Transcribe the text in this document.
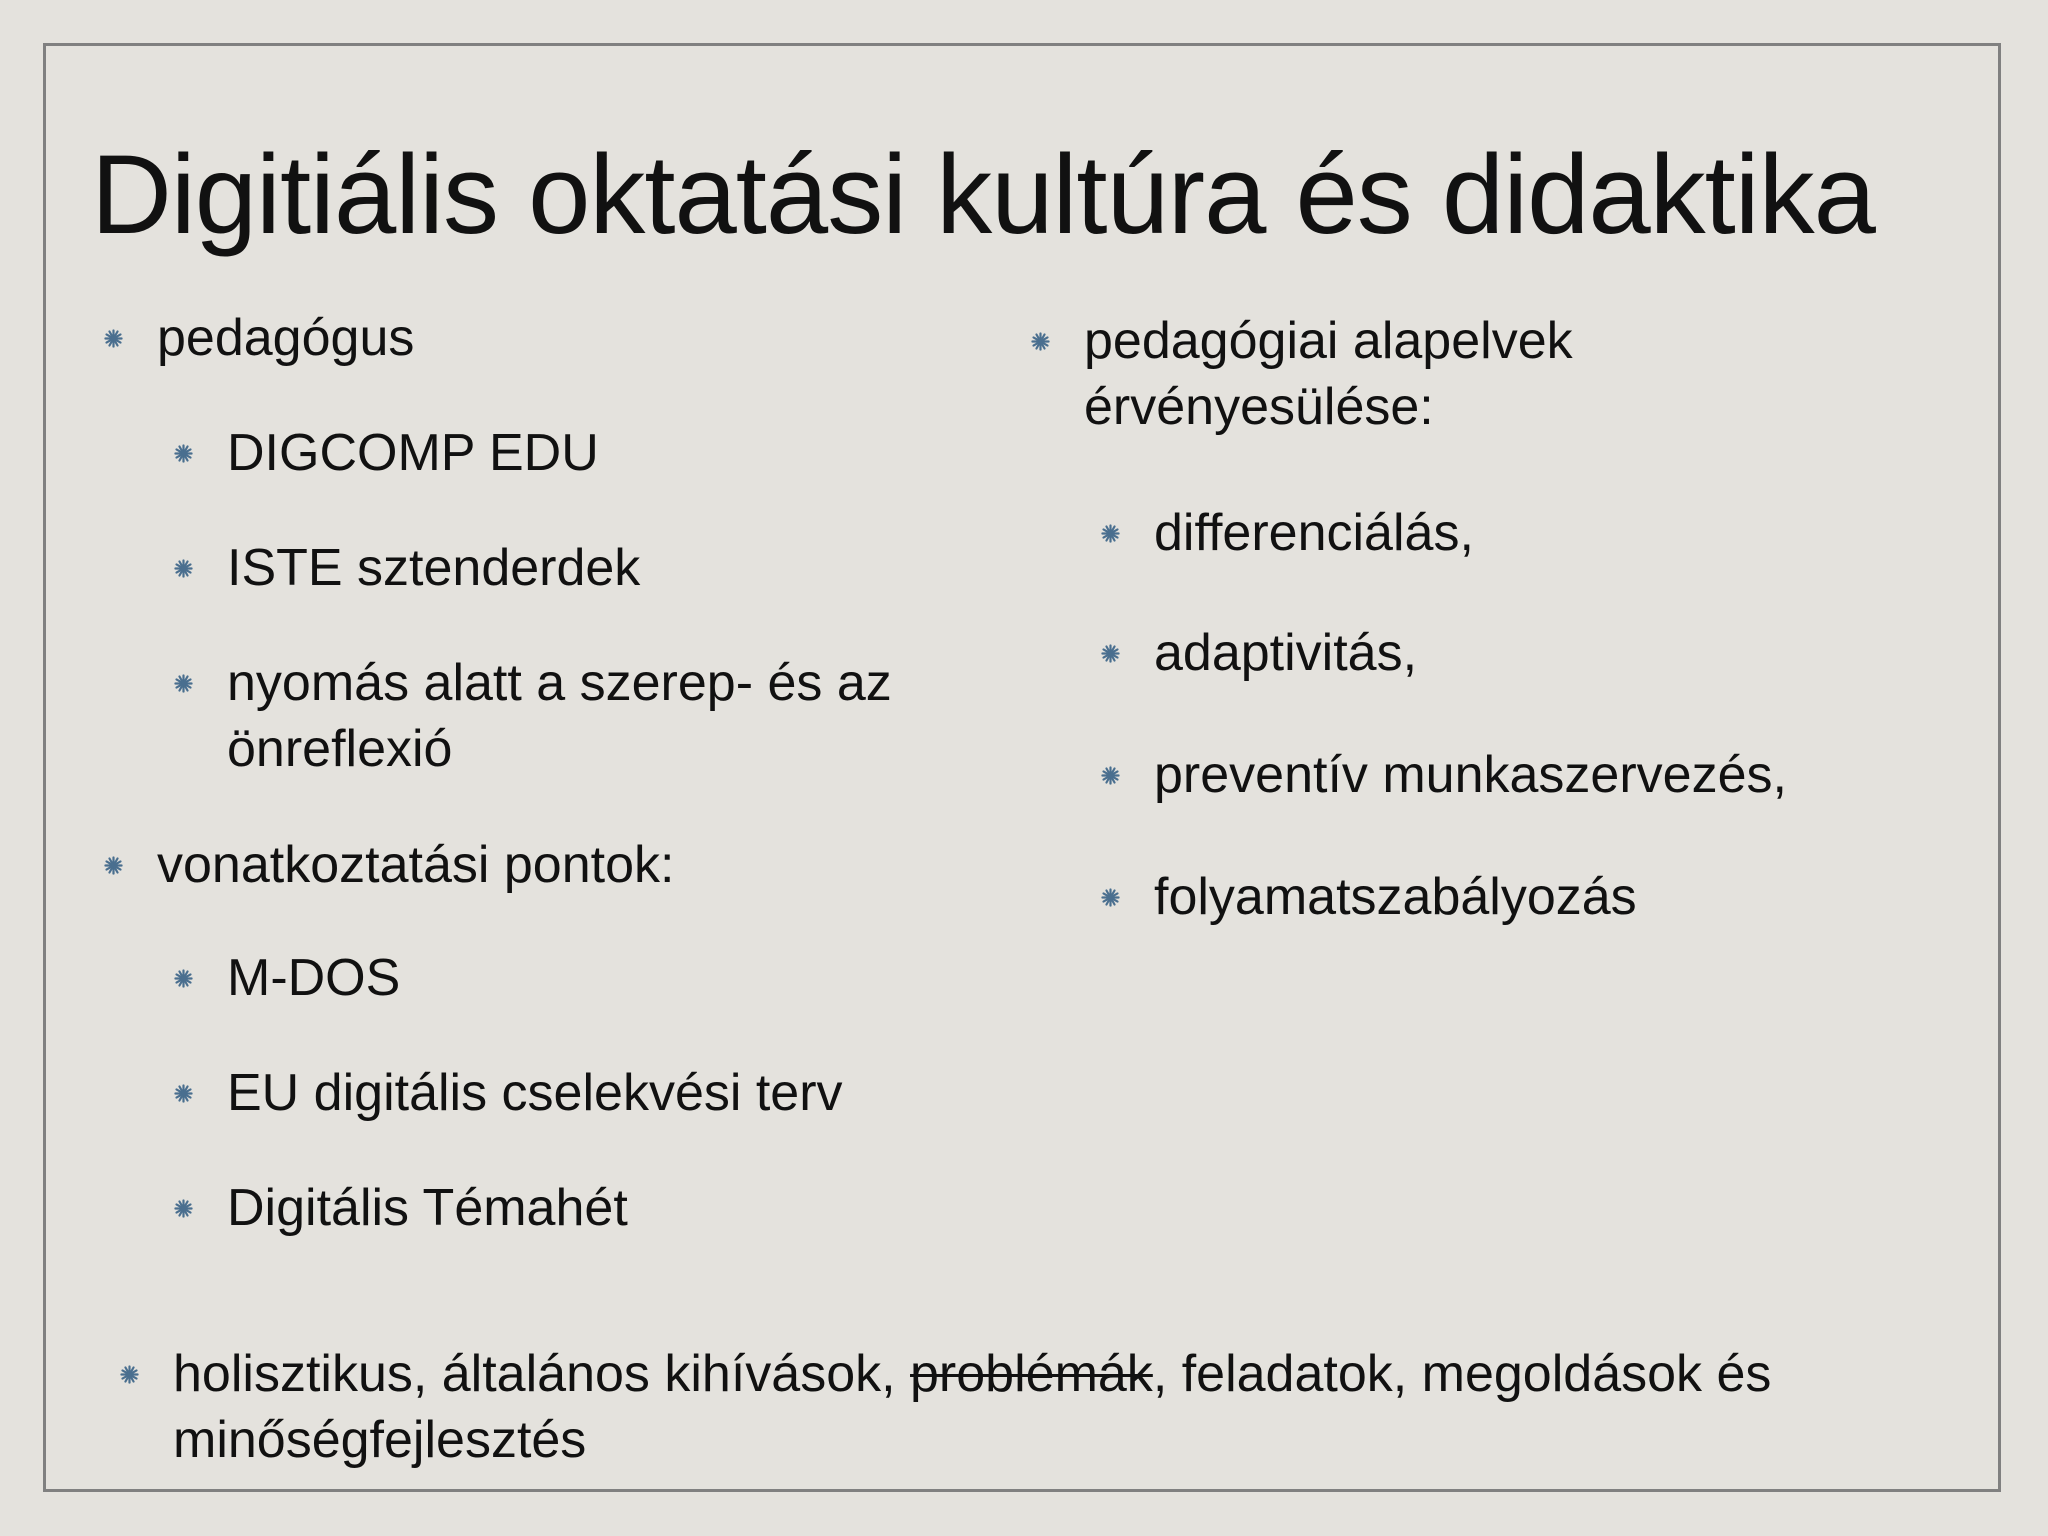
Digitiális oktatási kultúra és didaktika
pedagógus
DIGCOMP EDU
ISTE sztenderdek
nyomás alatt a szerep- és az
önreflexió
vonatkoztatási pontok:
M-DOS
EU digitális cselekvési terv
Digitális Témahét
pedagógiai alapelvek
érvényesülése:
differenciálás,
adaptivitás,
preventív munkaszervezés,
folyamatszabályozás
holisztikus, általános kihívások, problémák, feladatok, megoldások és
minőségfejlesztés
